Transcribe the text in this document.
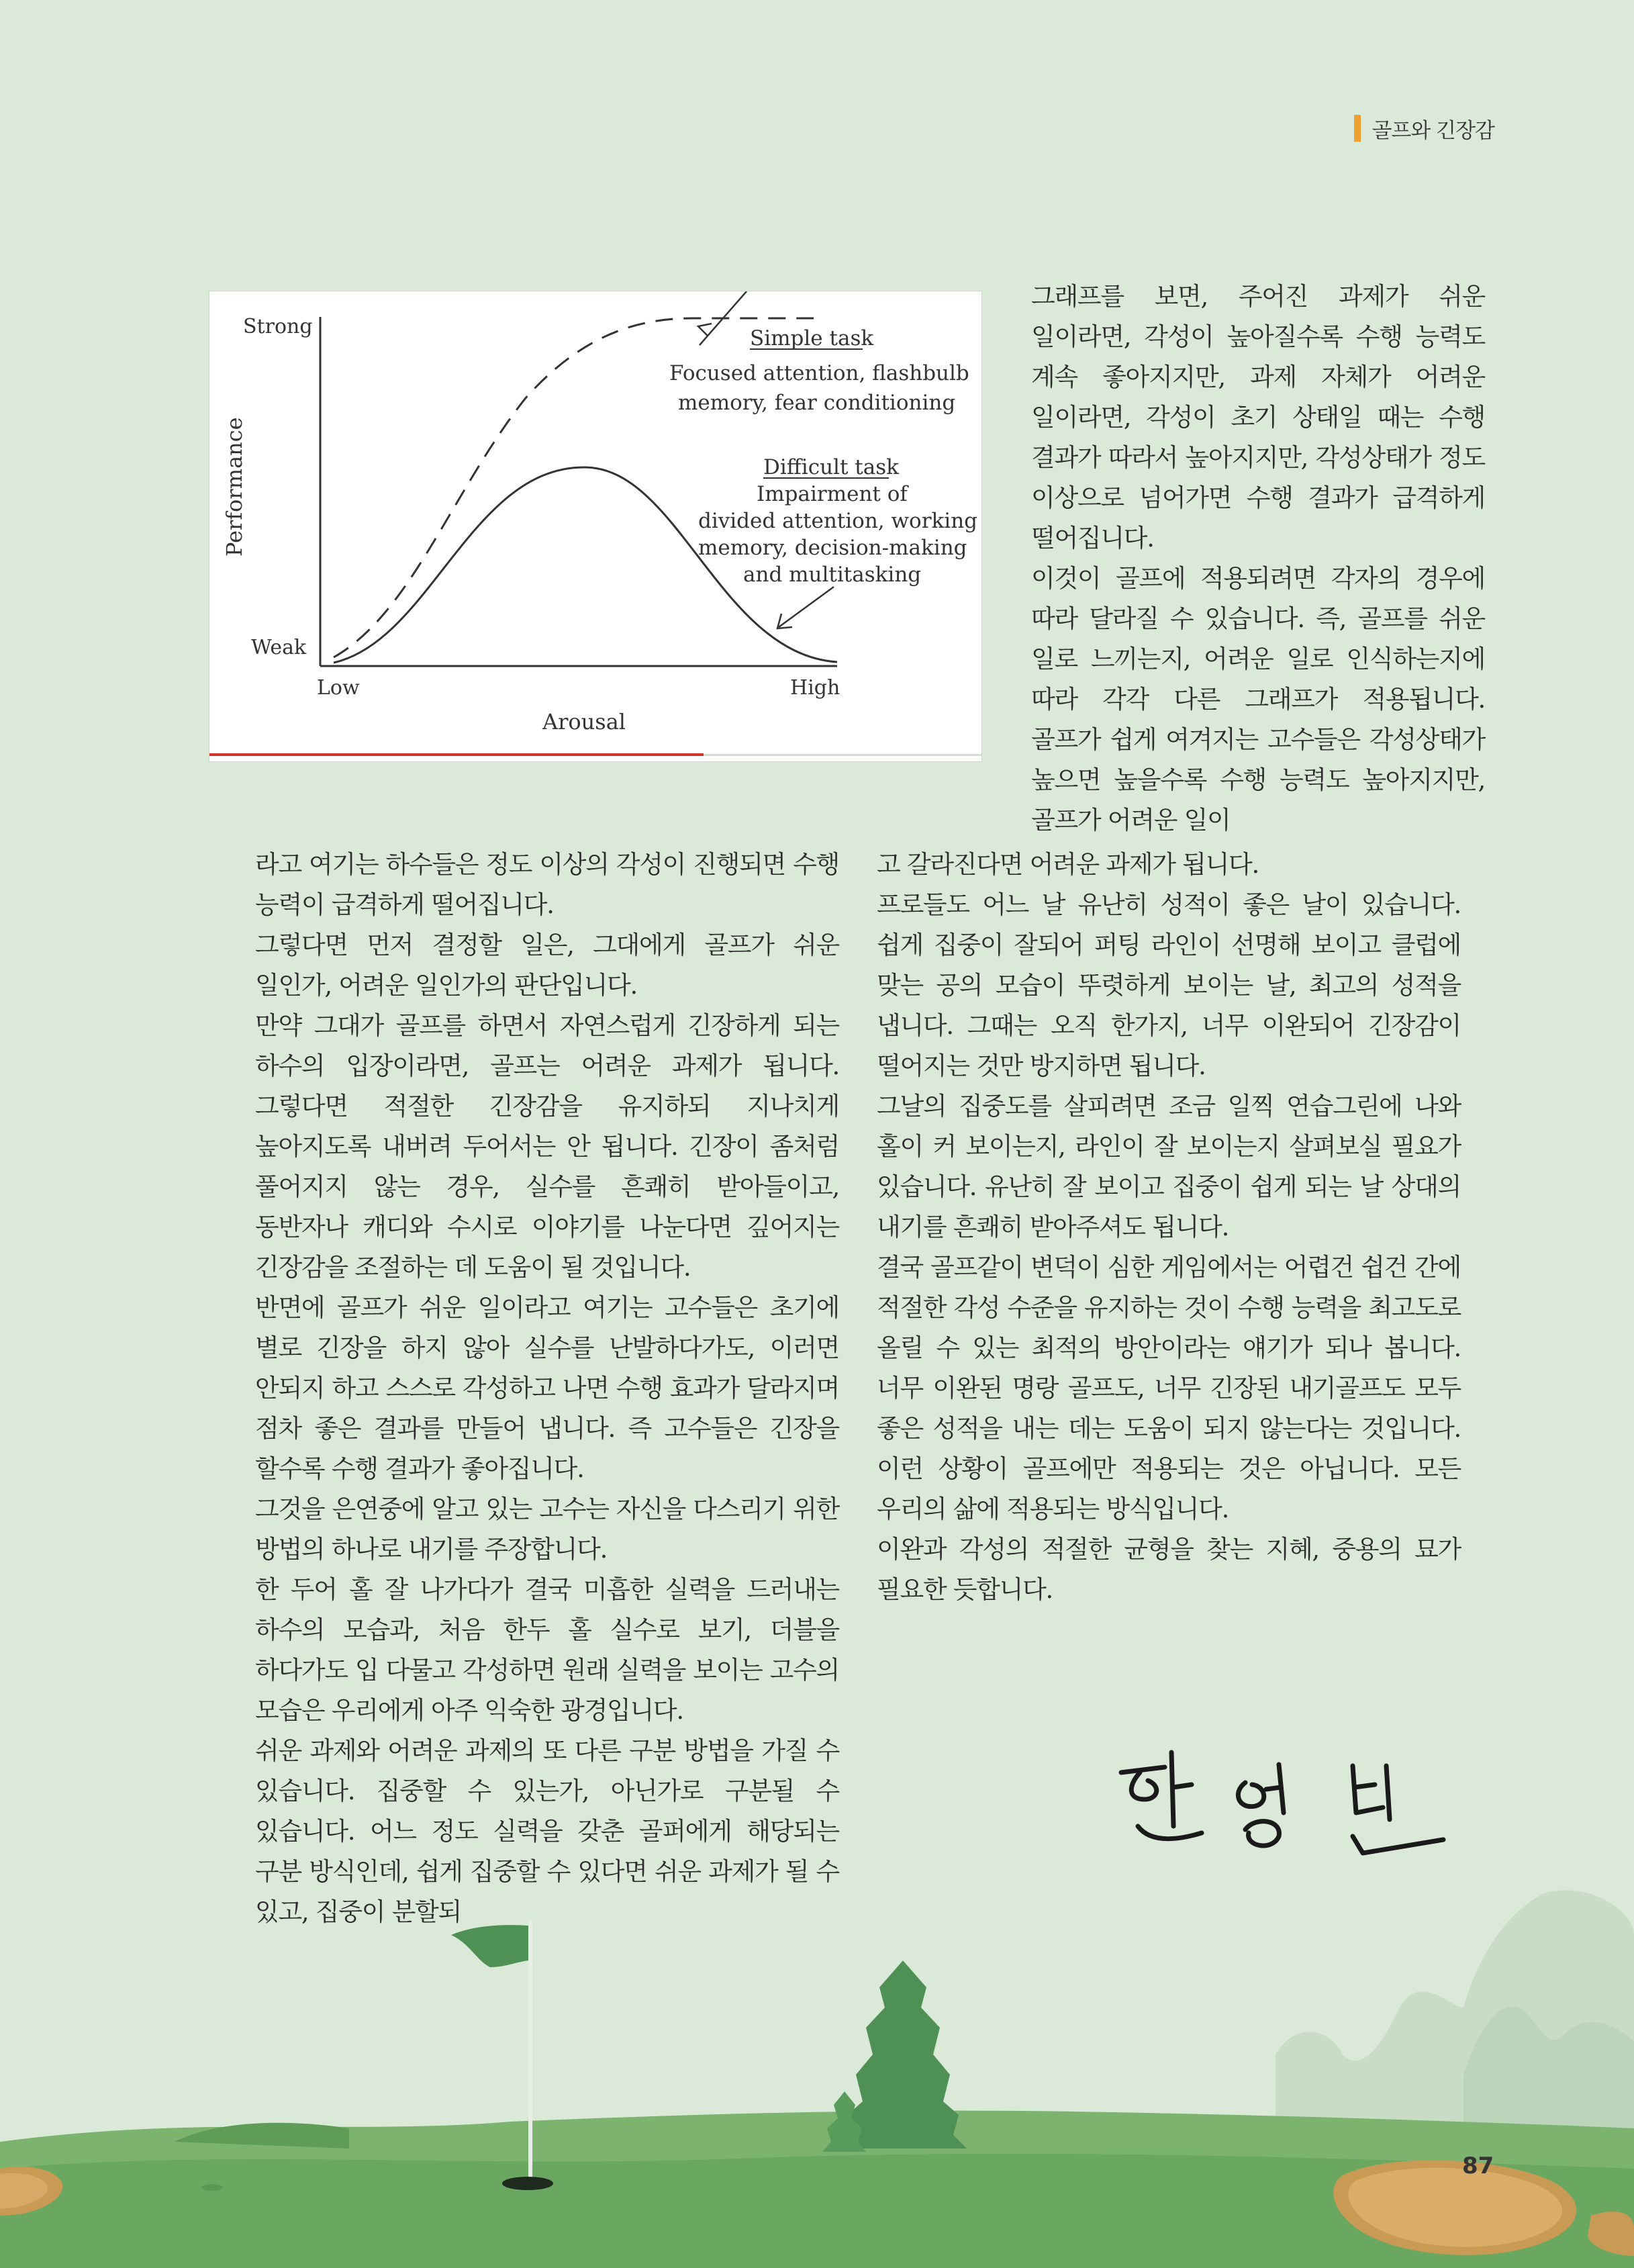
골프와 긴장감
Strong
Weak
Performance
Low	High
Arousal
Simple task
Focused attention, flashbulb
memory, fear conditioning
Difficult task
Impairment of
divided attention, working
memory, decision-making
and multitasking

그래프를 보면, 주어진 과제가 쉬운 일이라면, 각성이 높아질수록 수행 능력도 계속 좋아지지만, 과제 자체가 어려운 일이라면, 각성이 초기 상태일 때는 수행 결과가 따라서 높아지지만, 각성상태가 정도 이상으로 넘어가면 수행 결과가 급격하게 떨어집니다.

이것이 골프에 적용되려면 각자의 경우에 따라 달라질 수 있습니다. 즉, 골프를 쉬운 일로 느끼는지, 어려운 일로 인식하는지에 따라 각각 다른 그래프가 적용됩니다. 골프가 쉽게 여겨지는 고수들은 각성상태가 높으면 높을수록 수행 능력도 높아지지만, 골프가 어려운 일이

라고 여기는 하수들은 정도 이상의 각성이 진행되면 수행 능력이 급격하게 떨어집니다.

그렇다면 먼저 결정할 일은, 그대에게 골프가 쉬운 일인가, 어려운 일인가의 판단입니다.

만약 그대가 골프를 하면서 자연스럽게 긴장하게 되는 하수의 입장이라면, 골프는 어려운 과제가 됩니다. 그렇다면 적절한 긴장감을 유지하되 지나치게 높아지도록 내버려 두어서는 안 됩니다. 긴장이 좀처럼 풀어지지 않는 경우, 실수를 흔쾌히 받아들이고, 동반자나 캐디와 수시로 이야기를 나눈다면 깊어지는 긴장감을 조절하는 데 도움이 될 것입니다.

반면에 골프가 쉬운 일이라고 여기는 고수들은 초기에 별로 긴장을 하지 않아 실수를 난발하다가도, 이러면 안되지 하고 스스로 각성하고 나면 수행 효과가 달라지며 점차 좋은 결과를 만들어 냅니다. 즉 고수들은 긴장을 할수록 수행 결과가 좋아집니다.

그것을 은연중에 알고 있는 고수는 자신을 다스리기 위한 방법의 하나로 내기를 주장합니다.

한 두어 홀 잘 나가다가 결국 미흡한 실력을 드러내는 하수의 모습과, 처음 한두 홀 실수로 보기, 더블을 하다가도 입 다물고 각성하면 원래 실력을 보이는 고수의 모습은 우리에게 아주 익숙한 광경입니다.

쉬운 과제와 어려운 과제의 또 다른 구분 방법을 가질 수 있습니다. 집중할 수 있는가, 아닌가로 구분될 수 있습니다. 어느 정도 실력을 갖춘 골퍼에게 해당되는 구분 방식인데, 쉽게 집중할 수 있다면 쉬운 과제가 될 수 있고, 집중이 분할되

고 갈라진다면 어려운 과제가 됩니다.

프로들도 어느 날 유난히 성적이 좋은 날이 있습니다. 쉽게 집중이 잘되어 퍼팅 라인이 선명해 보이고 클럽에 맞는 공의 모습이 뚜렷하게 보이는 날, 최고의 성적을 냅니다. 그때는 오직 한가지, 너무 이완되어 긴장감이 떨어지는 것만 방지하면 됩니다.

그날의 집중도를 살피려면 조금 일찍 연습그린에 나와 홀이 커 보이는지, 라인이 잘 보이는지 살펴보실 필요가 있습니다. 유난히 잘 보이고 집중이 쉽게 되는 날 상대의 내기를 흔쾌히 받아주셔도 됩니다.

결국 골프같이 변덕이 심한 게임에서는 어렵건 쉽건 간에 적절한 각성 수준을 유지하는 것이 수행 능력을 최고도로 올릴 수 있는 최적의 방안이라는 얘기가 되나 봅니다. 너무 이완된 명랑 골프도, 너무 긴장된 내기골프도 모두 좋은 성적을 내는 데는 도움이 되지 않는다는 것입니다. 이런 상황이 골프에만 적용되는 것은 아닙니다. 모든 우리의 삶에 적용되는 방식입니다.

이완과 각성의 적절한 균형을 찾는 지혜, 중용의 묘가 필요한 듯합니다.

87
